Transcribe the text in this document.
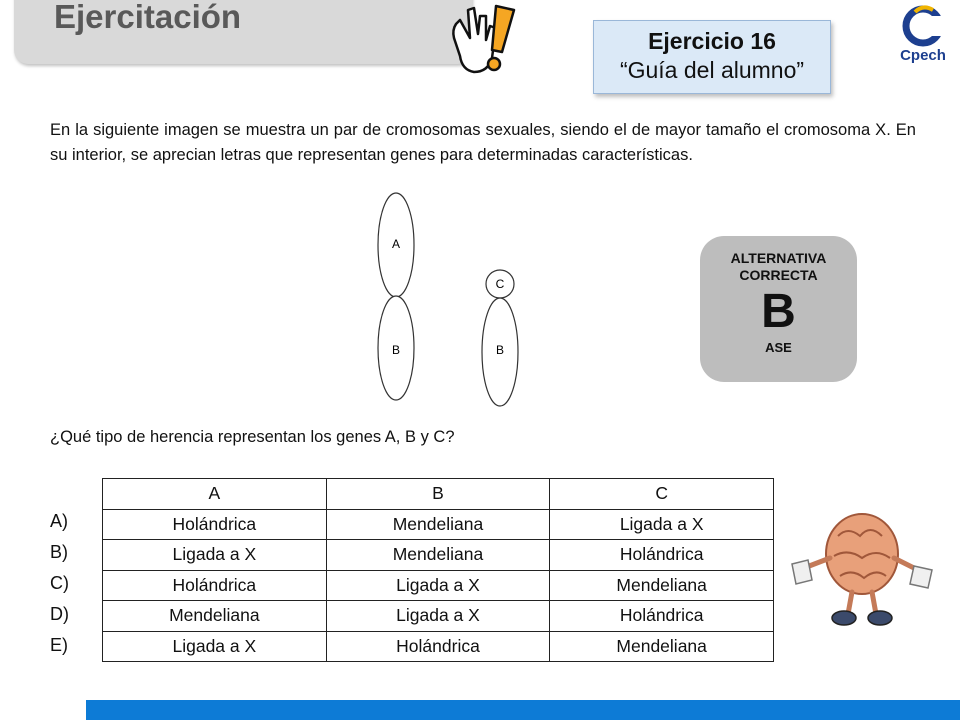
Ejercitación
Ejercicio 16
“Guía del alumno”
Cpech

En la siguiente imagen se muestra un par de cromosomas sexuales, siendo el de mayor tamaño el cromosoma X. En su interior, se aprecian letras que representan genes para determinadas características.

A
B
C
B
ALTERNATIVA
CORRECTA
B
ASE

¿Qué tipo de herencia representan los genes A, B y C?

A)
B)
C)
D)
E)
A	B	C
Holándrica	Mendeliana	Ligada a X
Ligada a X	Mendeliana	Holándrica
Holándrica	Ligada a X	Mendeliana
Mendeliana	Ligada a X	Holándrica
Ligada a X	Holándrica	Mendeliana
